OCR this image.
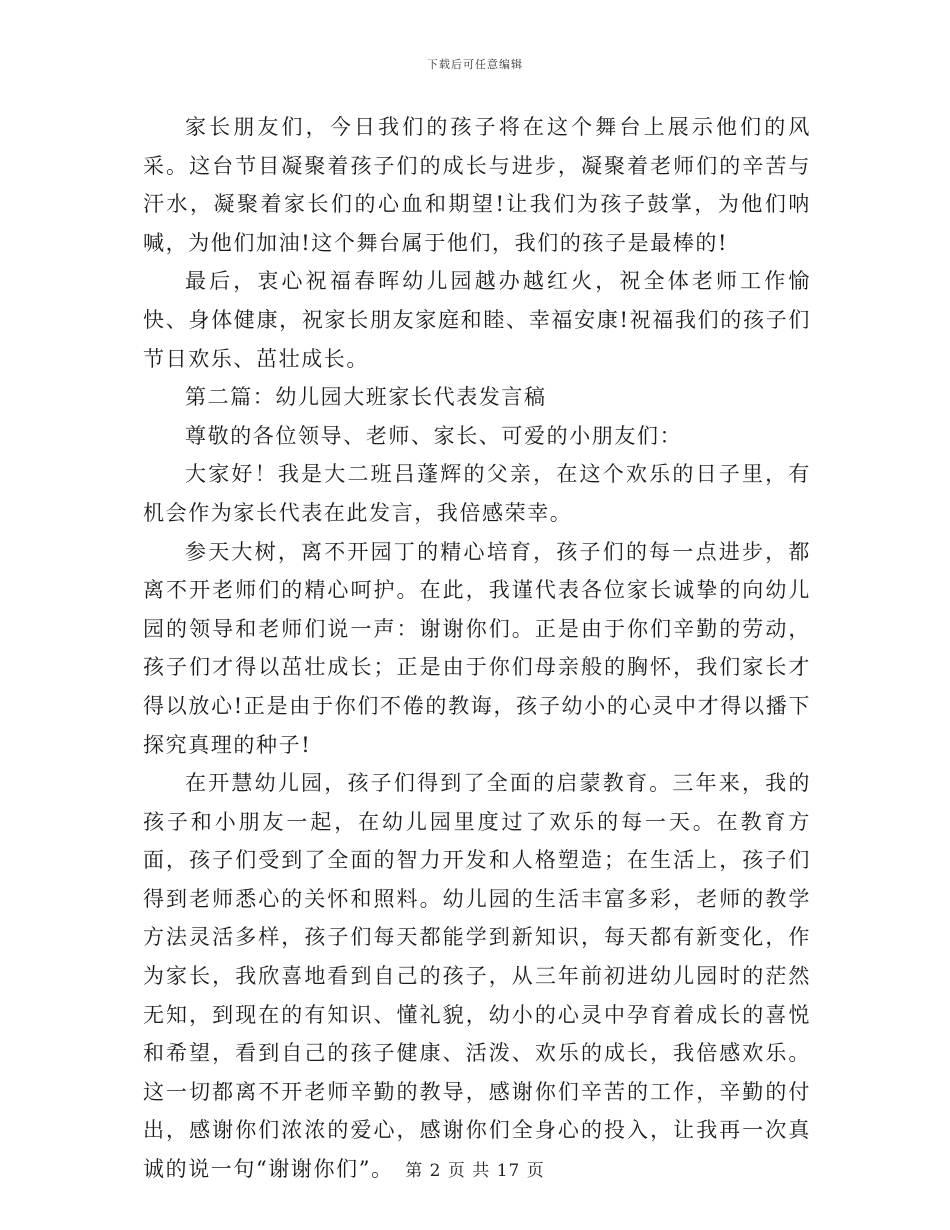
下载后可任意编辑

家长朋友们，今日我们的孩子将在这个舞台上展示他们的风采。这台节目凝聚着孩子们的成长与进步，凝聚着老师们的辛苦与汗水，凝聚着家长们的心血和期望!让我们为孩子鼓掌，为他们呐喊，为他们加油!这个舞台属于他们，我们的孩子是最棒的!

最后，衷心祝福春晖幼儿园越办越红火，祝全体老师工作愉快、身体健康，祝家长朋友家庭和睦、幸福安康!祝福我们的孩子们节日欢乐、茁壮成长。

第二篇：幼儿园大班家长代表发言稿

尊敬的各位领导、老师、家长、可爱的小朋友们：

大家好！我是大二班吕蓬辉的父亲，在这个欢乐的日子里，有机会作为家长代表在此发言，我倍感荣幸。

参天大树，离不开园丁的精心培育，孩子们的每一点进步，都离不开老师们的精心呵护。在此，我谨代表各位家长诚挚的向幼儿园的领导和老师们说一声：谢谢你们。正是由于你们辛勤的劳动，孩子们才得以茁壮成长；正是由于你们母亲般的胸怀，我们家长才得以放心!正是由于你们不倦的教诲，孩子幼小的心灵中才得以播下探究真理的种子!

在开慧幼儿园，孩子们得到了全面的启蒙教育。三年来，我的孩子和小朋友一起，在幼儿园里度过了欢乐的每一天。在教育方面，孩子们受到了全面的智力开发和人格塑造；在生活上，孩子们得到老师悉心的关怀和照料。幼儿园的生活丰富多彩，老师的教学方法灵活多样，孩子们每天都能学到新知识，每天都有新变化，作为家长，我欣喜地看到自己的孩子，从三年前初进幼儿园时的茫然无知，到现在的有知识、懂礼貌，幼小的心灵中孕育着成长的喜悦和希望，看到自己的孩子健康、活泼、欢乐的成长，我倍感欢乐。这一切都离不开老师辛勤的教导，感谢你们辛苦的工作，辛勤的付出，感谢你们浓浓的爱心，感谢你们全身心的投入，让我再一次真诚的说一句“谢谢你们”。 第 2 页 共 17 页
